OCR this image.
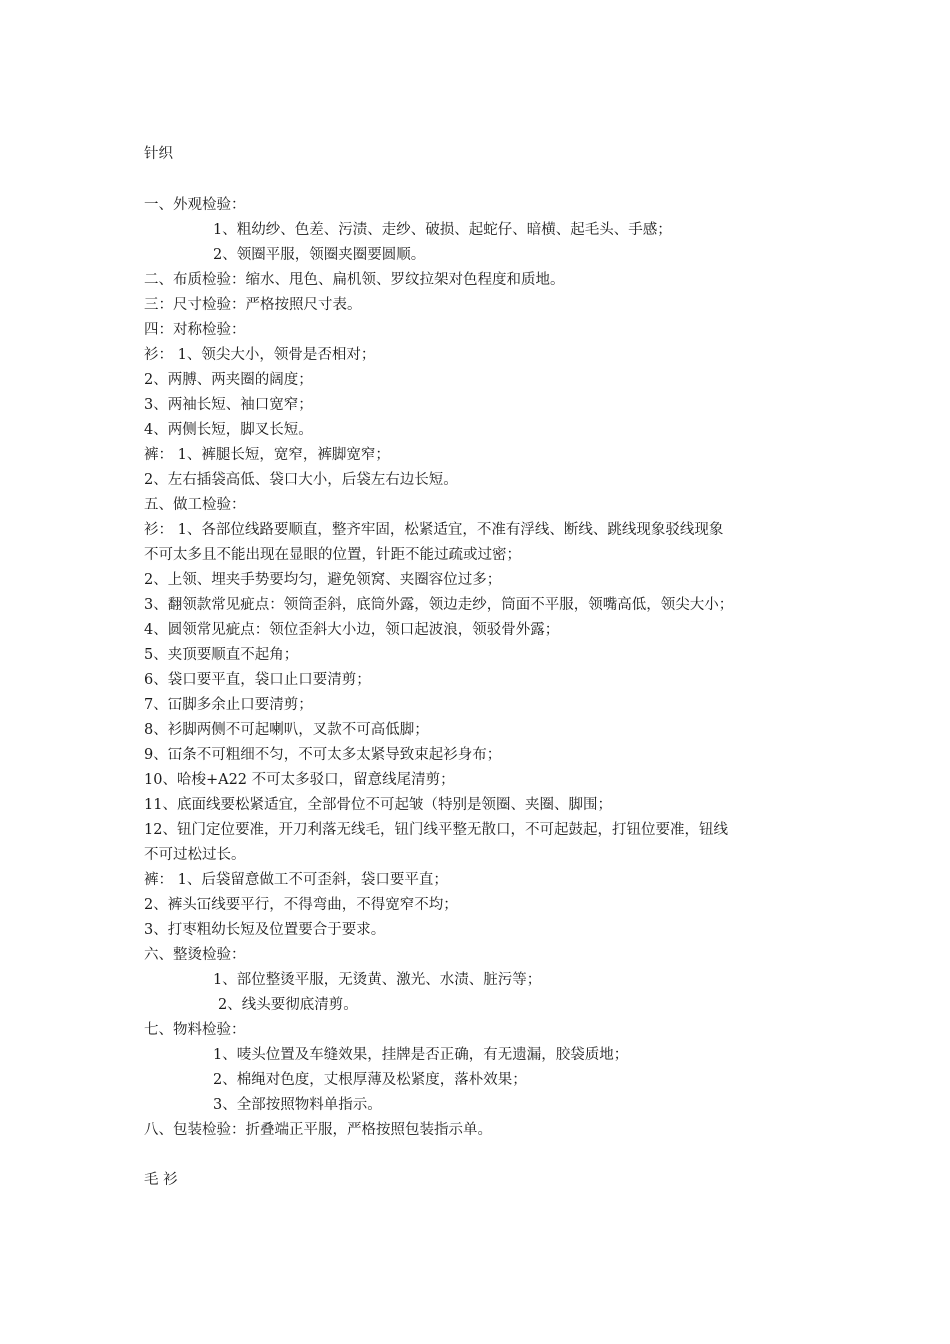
针织
一、外观检验：
1、粗幼纱、色差、污渍、走纱、破损、起蛇仔、暗横、起毛头、手感；
2、领圈平服，领圈夹圈要圆顺。
二、布质检验：缩水、甩色、扁机领、罗纹拉架对色程度和质地。
三：尺寸检验：严格按照尺寸表。
四：对称检验：
衫： 1、领尖大小，领骨是否相对；
2、两膊、两夹圈的阔度；
3、两袖长短、袖口宽窄；
4、两侧长短，脚叉长短。
裤： 1、裤腿长短，宽窄，裤脚宽窄；
2、左右插袋高低、袋口大小，后袋左右边长短。
五、做工检验：
衫： 1、各部位线路要顺直，整齐牢固，松紧适宜，不准有浮线、断线、跳线现象驳线现象
不可太多且不能出现在显眼的位置，针距不能过疏或过密；
2、上领、埋夹手势要均匀，避免领窝、夹圈容位过多；
3、翻领款常见疵点：领筒歪斜，底筒外露，领边走纱，筒面不平服，领嘴高低，领尖大小；
4、圆领常见疵点：领位歪斜大小边，领口起波浪，领驳骨外露；
5、夹顶要顺直不起角；
6、袋口要平直，袋口止口要清剪；
7、冚脚多余止口要清剪；
8、衫脚两侧不可起喇叭，叉款不可高低脚；
9、冚条不可粗细不匀，不可太多太紧导致束起衫身布；
10、哈梭+A22 不可太多驳口，留意线尾清剪；
11、底面线要松紧适宜，全部骨位不可起皱（特别是领圈、夹圈、脚围；
12、钮门定位要准，开刀利落无线毛，钮门线平整无散口，不可起鼓起，打钮位要准，钮线
不可过松过长。
裤： 1、后袋留意做工不可歪斜，袋口要平直；
2、裤头冚线要平行，不得弯曲，不得宽窄不均；
3、打枣粗幼长短及位置要合于要求。
六、整烫检验：
1、部位整烫平服，无烫黄、激光、水渍、脏污等；
2、线头要彻底清剪。
七、物料检验：
1、唛头位置及车缝效果，挂牌是否正确，有无遗漏，胶袋质地；
2、棉绳对色度，丈根厚薄及松紧度，落朴效果；
3、全部按照物料单指示。
八、包装检验：折叠端正平服，严格按照包装指示单。
毛 衫
